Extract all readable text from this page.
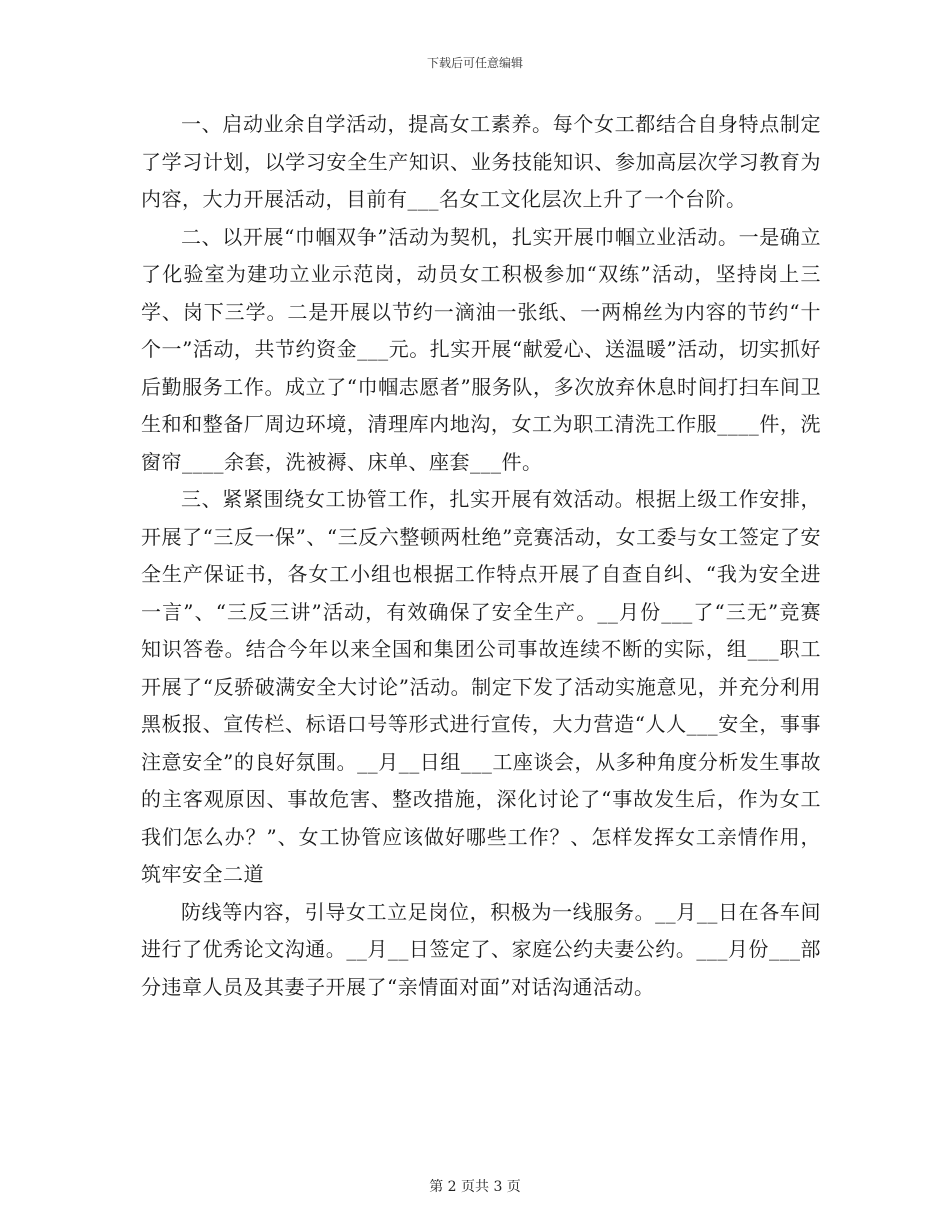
下载后可任意编辑

一、启动业余自学活动，提高女工素养。每个女工都结合自身特点制定了学习计划，以学习安全生产知识、业务技能知识、参加高层次学习教育为内容，大力开展活动，目前有___名女工文化层次上升了一个台阶。

二、以开展“巾帼双争”活动为契机，扎实开展巾帼立业活动。一是确立了化验室为建功立业示范岗，动员女工积极参加“双练”活动，坚持岗上三学、岗下三学。二是开展以节约一滴油一张纸、一两棉丝为内容的节约“十个一”活动，共节约资金___元。扎实开展“献爱心、送温暖”活动，切实抓好后勤服务工作。成立了“巾帼志愿者”服务队，多次放弃休息时间打扫车间卫生和和整备厂周边环境，清理库内地沟，女工为职工清洗工作服____件，洗窗帘____余套，洗被褥、床单、座套___件。

三、紧紧围绕女工协管工作，扎实开展有效活动。根据上级工作安排，开展了“三反一保”、“三反六整顿两杜绝”竞赛活动，女工委与女工签定了安全生产保证书，各女工小组也根据工作特点开展了自查自纠、“我为安全进一言”、“三反三讲”活动，有效确保了安全生产。__月份___了“三无”竞赛知识答卷。结合今年以来全国和集团公司事故连续不断的实际，组___职工开展了“反骄破满安全大讨论”活动。制定下发了活动实施意见，并充分利用黑板报、宣传栏、标语口号等形式进行宣传，大力营造“人人___安全，事事注意安全”的良好氛围。__月__日组___工座谈会，从多种角度分析发生事故的主客观原因、事故危害、整改措施，深化讨论了“事故发生后，作为女工我们怎么办？”、女工协管应该做好哪些工作？、怎样发挥女工亲情作用，筑牢安全二道

防线等内容，引导女工立足岗位，积极为一线服务。__月__日在各车间进行了优秀论文沟通。__月__日签定了、家庭公约夫妻公约。___月份___部分违章人员及其妻子开展了“亲情面对面”对话沟通活动。

第 2 页共 3 页
